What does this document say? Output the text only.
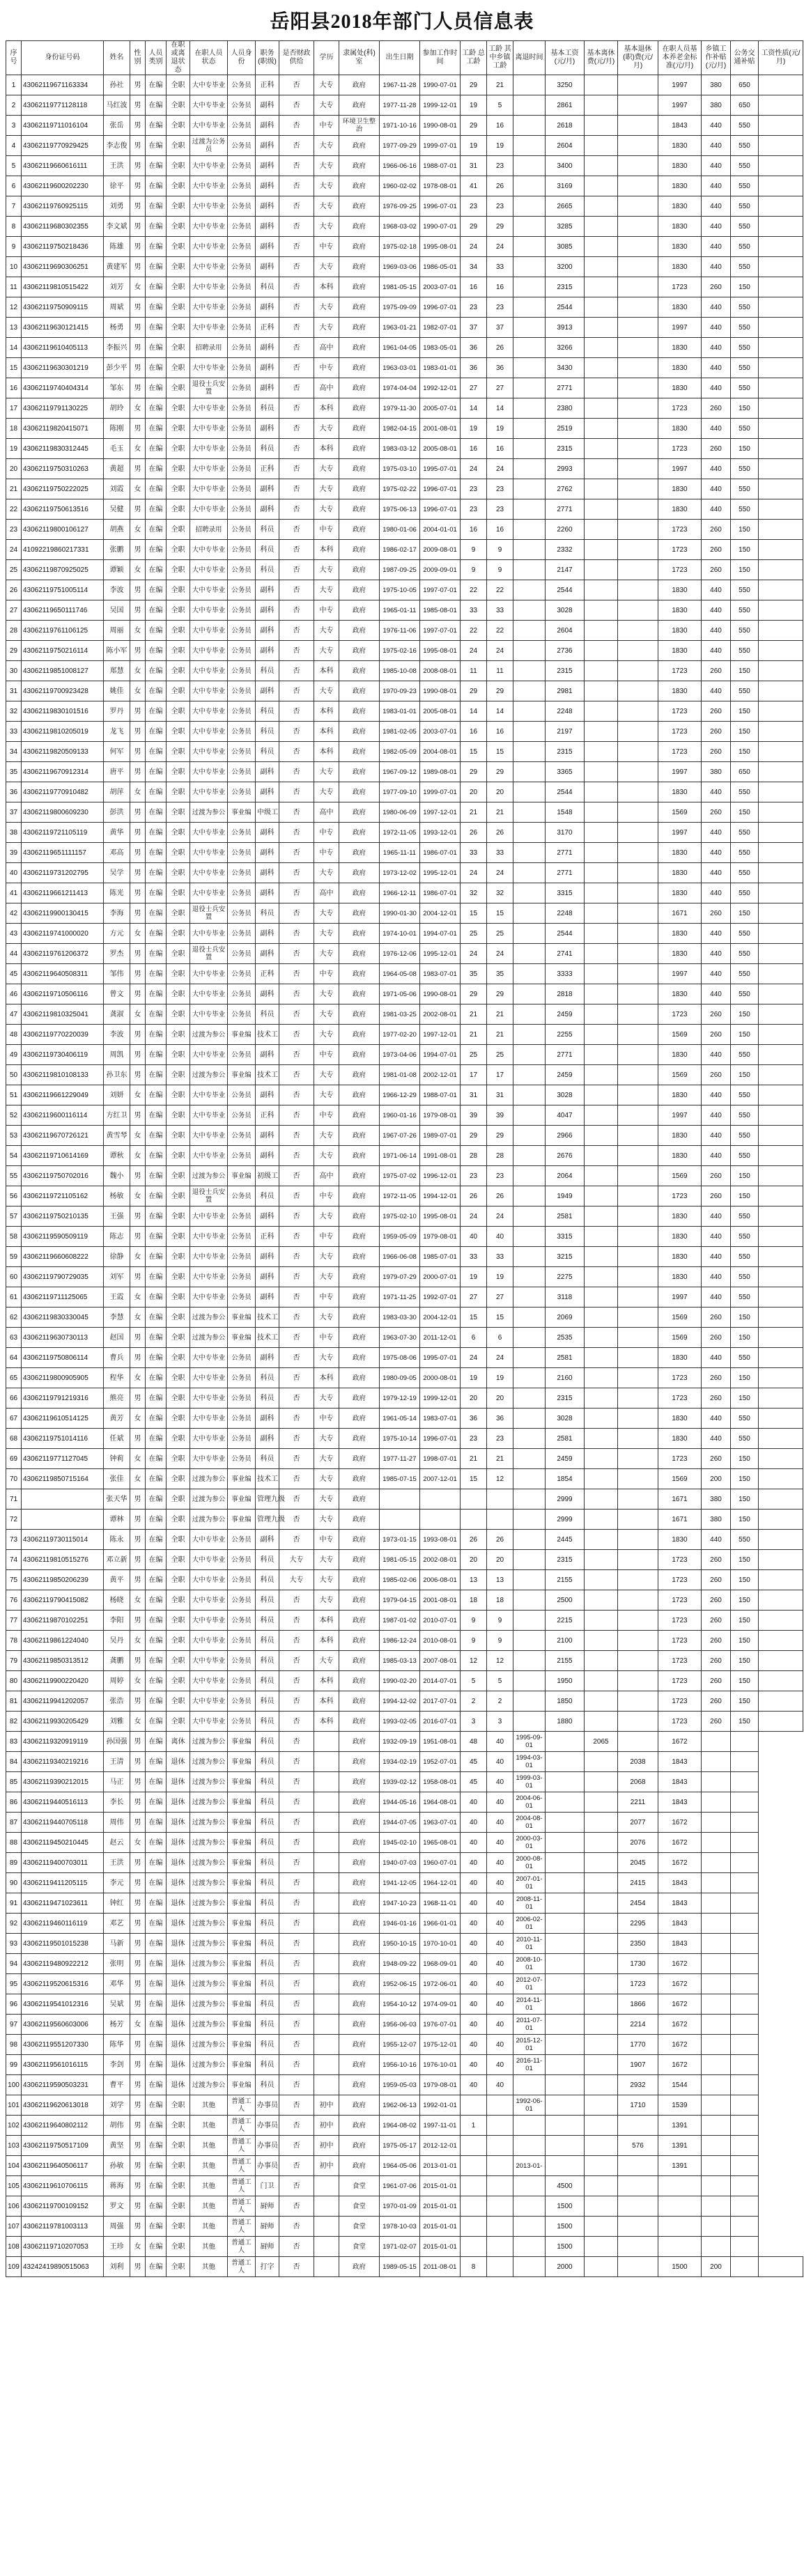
岳阳县2018年部门人员信息表
序号	身份证号码	姓名	性别	人员类别	在职或离退状态	在职人员状态	人员身份	职务(职级)	是否财政供给	学历	隶属处(科)室	出生日期	参加工作时间	工龄 总工龄	工龄 其中乡镇工龄	离退时间	基本工资(元/月)	基本离休费(元/月)	基本退休(职)费(元/月)	在职人员基本养老金标准(元/月)	乡镇工作补贴(元/月)	公务交通补贴	工资性质(元/月)
1	43062119671163334	孙社	男	在编	全职	大中专毕业	公务员	正科	否	大专	政府	1967-11-28	1990-07-01	29	21		3250			1997	380	650	
2	43062119771128118	马红波	男	在编	全职	大中专毕业	公务员	副科	否	大专	政府	1977-11-28	1999-12-01	19	5		2861			1997	380	650	
3	43062119711016104	张岳	男	在编	全职	大中专毕业	公务员	副科	否	中专	环境卫生整治	1971-10-16	1990-08-01	29	16		2618			1843	440	550	
4	43062119770929425	李志俊	男	在编	全职	过渡为公务员	公务员	副科	否	大专	政府	1977-09-29	1999-07-01	19	19		2604			1830	440	550	
5	43062119660616111	王洪	男	在编	全职	大中专毕业	公务员	副科	否	大专	政府	1966-06-16	1988-07-01	31	23		3400			1830	440	550	
6	43062119600202230	徐平	男	在编	全职	大中专毕业	公务员	副科	否	大专	政府	1960-02-02	1978-08-01	41	26		3169			1830	440	550	
7	43062119760925115	刘勇	男	在编	全职	大中专毕业	公务员	副科	否	大专	政府	1976-09-25	1996-07-01	23	23		2665			1830	440	550	
8	43062119680302355	李文斌	男	在编	全职	大中专毕业	公务员	副科	否	大专	政府	1968-03-02	1990-07-01	29	29		3285			1830	440	550	
9	43062119750218436	陈雄	男	在编	全职	大中专毕业	公务员	副科	否	中专	政府	1975-02-18	1995-08-01	24	24		3085			1830	440	550	
10	43062119690306251	黄建军	男	在编	全职	大中专毕业	公务员	副科	否	大专	政府	1969-03-06	1986-05-01	34	33		3200			1830	440	550	
11	43062119810515422	刘芳	女	在编	全职	大中专毕业	公务员	科员	否	本科	政府	1981-05-15	2003-07-01	16	16		2315			1723	260	150	
12	43062119750909115	周斌	男	在编	全职	大中专毕业	公务员	副科	否	大专	政府	1975-09-09	1996-07-01	23	23		2544			1830	440	550	
13	43062119630121415	杨勇	男	在编	全职	大中专毕业	公务员	正科	否	大专	政府	1963-01-21	1982-07-01	37	37		3913			1997	440	550	
14	43062119610405113	李振兴	男	在编	全职	招聘录用	公务员	副科	否	高中	政府	1961-04-05	1983-05-01	36	26		3266			1830	440	550	
15	43062119630301219	彭少平	男	在编	全职	大中专毕业	公务员	副科	否	中专	政府	1963-03-01	1983-01-01	36	36		3430			1830	440	550	
16	43062119740404314	邹东	男	在编	全职	退役士兵安置	公务员	副科	否	高中	政府	1974-04-04	1992-12-01	27	27		2771			1830	440	550	
17	43062119791130225	胡玲	女	在编	全职	大中专毕业	公务员	科员	否	本科	政府	1979-11-30	2005-07-01	14	14		2380			1723	260	150	
18	43062119820415071	陈刚	男	在编	全职	大中专毕业	公务员	副科	否	大专	政府	1982-04-15	2001-08-01	19	19		2519			1830	440	550	
19	43062119830312445	毛玉	女	在编	全职	大中专毕业	公务员	科员	否	本科	政府	1983-03-12	2005-08-01	16	16		2315			1723	260	150	
20	43062119750310263	黄超	男	在编	全职	大中专毕业	公务员	正科	否	大专	政府	1975-03-10	1995-07-01	24	24		2993			1997	440	550	
21	43062119750222025	刘霞	女	在编	全职	大中专毕业	公务员	副科	否	大专	政府	1975-02-22	1996-07-01	23	23		2762			1830	440	550	
22	43062119750613516	吴健	男	在编	全职	大中专毕业	公务员	副科	否	大专	政府	1975-06-13	1996-07-01	23	23		2771			1830	440	550	
23	43062119800106127	胡燕	女	在编	全职	招聘录用	公务员	科员	否	中专	政府	1980-01-06	2004-01-01	16	16		2260			1723	260	150	
24	41092219860217331	张鹏	男	在编	全职	大中专毕业	公务员	科员	否	本科	政府	1986-02-17	2009-08-01	9	9		2332			1723	260	150	
25	43062119870925025	谭颖	女	在编	全职	大中专毕业	公务员	科员	否	大专	政府	1987-09-25	2009-09-01	9	9		2147			1723	260	150	
26	43062119751005114	李波	男	在编	全职	大中专毕业	公务员	副科	否	大专	政府	1975-10-05	1997-07-01	22	22		2544			1830	440	550	
27	43062119650111746	吴国	男	在编	全职	大中专毕业	公务员	副科	否	中专	政府	1965-01-11	1985-08-01	33	33		3028			1830	440	550	
28	43062119761106125	周丽	女	在编	全职	大中专毕业	公务员	副科	否	大专	政府	1976-11-06	1997-07-01	22	22		2604			1830	440	550	
29	43062119750216114	陈小军	男	在编	全职	大中专毕业	公务员	副科	否	大专	政府	1975-02-16	1995-08-01	24	24		2736			1830	440	550	
30	43062119851008127	郑慧	女	在编	全职	大中专毕业	公务员	科员	否	本科	政府	1985-10-08	2008-08-01	11	11		2315			1723	260	150	
31	43062119700923428	姚佳	女	在编	全职	大中专毕业	公务员	副科	否	大专	政府	1970-09-23	1990-08-01	29	29		2981			1830	440	550	
32	43062119830101516	罗丹	男	在编	全职	大中专毕业	公务员	科员	否	本科	政府	1983-01-01	2005-08-01	14	14		2248			1723	260	150	
33	43062119810205019	龙飞	男	在编	全职	大中专毕业	公务员	科员	否	本科	政府	1981-02-05	2003-07-01	16	16		2197			1723	260	150	
34	43062119820509133	何军	男	在编	全职	大中专毕业	公务员	科员	否	本科	政府	1982-05-09	2004-08-01	15	15		2315			1723	260	150	
35	43062119670912314	唐平	男	在编	全职	大中专毕业	公务员	副科	否	大专	政府	1967-09-12	1989-08-01	29	29		3365			1997	380	650	
36	43062119770910482	胡萍	女	在编	全职	大中专毕业	公务员	副科	否	大专	政府	1977-09-10	1999-07-01	20	20		2544			1830	440	550	
37	43062119800609230	彭洪	男	在编	全职	过渡为参公	事业编	中级工	否	高中	政府	1980-06-09	1997-12-01	21	21		1548			1569	260	150	
38	43062119721105119	黄华	男	在编	全职	大中专毕业	公务员	副科	否	中专	政府	1972-11-05	1993-12-01	26	26		3170			1997	440	550	
39	43062119651111157	邓高	男	在编	全职	大中专毕业	公务员	副科	否	中专	政府	1965-11-11	1986-07-01	33	33		2771			1830	440	550	
40	43062119731202795	吴学	男	在编	全职	大中专毕业	公务员	副科	否	大专	政府	1973-12-02	1995-12-01	24	24		2771			1830	440	550	
41	43062119661211413	陈光	男	在编	全职	大中专毕业	公务员	副科	否	高中	政府	1966-12-11	1986-07-01	32	32		3315			1830	440	550	
42	43062119900130415	李海	男	在编	全职	退役士兵安置	公务员	科员	否	大专	政府	1990-01-30	2004-12-01	15	15		2248			1671	260	150	
43	43062119741000020	方元	女	在编	全职	大中专毕业	公务员	副科	否	大专	政府	1974-10-01	1994-07-01	25	25		2544			1830	440	550	
44	43062119761206372	罗杰	男	在编	全职	退役士兵安置	公务员	副科	否	大专	政府	1976-12-06	1995-12-01	24	24		2741			1830	440	550	
45	43062119640508311	邹伟	男	在编	全职	大中专毕业	公务员	正科	否	中专	政府	1964-05-08	1983-07-01	35	35		3333			1997	440	550	
46	43062119710506116	曾文	男	在编	全职	大中专毕业	公务员	副科	否	大专	政府	1971-05-06	1990-08-01	29	29		2818			1830	440	550	
47	43062119810325041	龚淑	女	在编	全职	大中专毕业	公务员	科员	否	大专	政府	1981-03-25	2002-08-01	21	21		2459			1723	260	150	
48	43062119770220039	李波	男	在编	全职	过渡为参公	事业编	技术工	否	大专	政府	1977-02-20	1997-12-01	21	21		2255			1569	260	150	
49	43062119730406119	周凯	男	在编	全职	大中专毕业	公务员	副科	否	中专	政府	1973-04-06	1994-07-01	25	25		2771			1830	440	550	
50	43062119810108133	孙卫东	男	在编	全职	过渡为参公	事业编	技术工	否	大专	政府	1981-01-08	2002-12-01	17	17		2459			1569	260	150	
51	43062119661229049	刘妍	女	在编	全职	大中专毕业	公务员	副科	否	大专	政府	1966-12-29	1988-07-01	31	31		3028			1830	440	550	
52	43062119600116114	方红卫	男	在编	全职	大中专毕业	公务员	正科	否	中专	政府	1960-01-16	1979-08-01	39	39		4047			1997	440	550	
53	43062119670726121	黄雪琴	女	在编	全职	大中专毕业	公务员	副科	否	大专	政府	1967-07-26	1989-07-01	29	29		2966			1830	440	550	
54	43062119710614169	谭秋	女	在编	全职	大中专毕业	公务员	副科	否	大专	政府	1971-06-14	1991-08-01	28	28		2676			1830	440	550	
55	43062119750702016	魏小	男	在编	全职	过渡为参公	事业编	初级工	否	高中	政府	1975-07-02	1996-12-01	23	23		2064			1569	260	150	
56	43062119721105162	杨敏	女	在编	全职	退役士兵安置	公务员	科员	否	中专	政府	1972-11-05	1994-12-01	26	26		1949			1723	260	150	
57	43062119750210135	王强	男	在编	全职	大中专毕业	公务员	副科	否	大专	政府	1975-02-10	1995-08-01	24	24		2581			1830	440	550	
58	43062119590509119	陈志	男	在编	全职	大中专毕业	公务员	正科	否	中专	政府	1959-05-09	1979-08-01	40	40		3315			1830	440	550	
59	43062119660608222	徐静	女	在编	全职	大中专毕业	公务员	副科	否	大专	政府	1966-06-08	1985-07-01	33	33		3215			1830	440	550	
60	43062119790729035	刘军	男	在编	全职	大中专毕业	公务员	副科	否	大专	政府	1979-07-29	2000-07-01	19	19		2275			1830	440	550	
61	43062119711125065	王霞	女	在编	全职	大中专毕业	公务员	副科	否	中专	政府	1971-11-25	1992-07-01	27	27		3118			1997	440	550	
62	43062119830330045	李慧	女	在编	全职	过渡为参公	事业编	技术工	否	大专	政府	1983-03-30	2004-12-01	15	15		2069			1569	260	150	
63	43062119630730113	赵国	男	在编	全职	过渡为参公	事业编	技术工	否	中专	政府	1963-07-30	2011-12-01	6	6		2535			1569	260	150	
64	43062119750806114	曹兵	男	在编	全职	大中专毕业	公务员	副科	否	大专	政府	1975-08-06	1995-07-01	24	24		2581			1830	440	550	
65	43062119800905905	程华	女	在编	全职	大中专毕业	公务员	科员	否	本科	政府	1980-09-05	2000-08-01	19	19		2160			1723	260	150	
66	43062119791219316	熊亮	男	在编	全职	大中专毕业	公务员	科员	否	大专	政府	1979-12-19	1999-12-01	20	20		2315			1723	260	150	
67	43062119610514125	黄芳	女	在编	全职	大中专毕业	公务员	副科	否	中专	政府	1961-05-14	1983-07-01	36	36		3028			1830	440	550	
68	43062119751014116	任斌	男	在编	全职	大中专毕业	公务员	副科	否	大专	政府	1975-10-14	1996-07-01	23	23		2581			1830	440	550	
69	43062119771127045	钟莉	女	在编	全职	大中专毕业	公务员	科员	否	大专	政府	1977-11-27	1998-07-01	21	21		2459			1723	260	150	
70	43062119850715164	张佳	女	在编	全职	过渡为参公	事业编	技术工	否	大专	政府	1985-07-15	2007-12-01	15	12		1854			1569	200	150	
71		张天华	男	在编	全职	过渡为参公	事业编	管理九级	否	大专	政府						2999			1671	380	150	
72		谭林	男	在编	全职	过渡为参公	事业编	管理九级	否	大专	政府						2999			1671	380	150	
73	43062119730115014	陈永	男	在编	全职	大中专毕业	公务员	副科	否	中专	政府	1973-01-15	1993-08-01	26	26		2445			1830	440	550	
74	43062119810515276	邓立新	男	在编	全职	大中专毕业	公务员	科员	大专	大专	政府	1981-05-15	2002-08-01	20	20		2315			1723	260	150	
75	43062119850206239	黄平	男	在编	全职	大中专毕业	公务员	科员	大专	大专	政府	1985-02-06	2006-08-01	13	13		2155			1723	260	150	
76	43062119790415082	杨晓	女	在编	全职	大中专毕业	公务员	科员	否	大专	政府	1979-04-15	2001-08-01	18	18		2500			1723	260	150	
77	43062119870102251	李阳	男	在编	全职	大中专毕业	公务员	科员	否	本科	政府	1987-01-02	2010-07-01	9	9		2215			1723	260	150	
78	43062119861224040	吴丹	女	在编	全职	大中专毕业	公务员	科员	否	本科	政府	1986-12-24	2010-08-01	9	9		2100			1723	260	150	
79	43062119850313512	龚鹏	男	在编	全职	大中专毕业	公务员	科员	否	大专	政府	1985-03-13	2007-08-01	12	12		2155			1723	260	150	
80	43062119900220420	周婷	女	在编	全职	大中专毕业	公务员	科员	否	本科	政府	1990-02-20	2014-07-01	5	5		1950			1723	260	150	
81	43062119941202057	张浩	男	在编	全职	大中专毕业	公务员	科员	否	本科	政府	1994-12-02	2017-07-01	2	2		1850			1723	260	150	
82	43062119930205429	刘雅	女	在编	全职	大中专毕业	公务员	科员	否	本科	政府	1993-02-05	2016-07-01	3	3		1880			1723	260	150	
83	43062119320919119	孙国强	男	在编	离休	过渡为参公	事业编	科员	否		政府	1932-09-19	1951-08-01	48	40	1995-09-01		2065		1672			
84	43062119340219216	王清	男	在编	退休	过渡为参公	事业编	科员	否		政府	1934-02-19	1952-07-01	45	40	1994-03-01			2038	1843			
85	43062119390212015	马正	男	在编	退休	过渡为参公	事业编	科员	否		政府	1939-02-12	1958-08-01	45	40	1999-03-01			2068	1843			
86	43062119440516113	李长	男	在编	退休	过渡为参公	事业编	科员	否		政府	1944-05-16	1964-08-01	40	40	2004-06-01			2211	1843			
87	43062119440705118	周伟	男	在编	退休	过渡为参公	事业编	科员	否		政府	1944-07-05	1963-07-01	40	40	2004-08-01			2077	1672			
88	43062119450210445	赵云	女	在编	退休	过渡为参公	事业编	科员	否		政府	1945-02-10	1965-08-01	40	40	2000-03-01			2076	1672			
89	43062119400703011	王洪	男	在编	退休	过渡为参公	事业编	科员	否		政府	1940-07-03	1960-07-01	40	40	2000-08-01			2045	1672			
90	43062119411205115	李元	男	在编	退休	过渡为参公	事业编	科员	否		政府	1941-12-05	1964-12-01	40	40	2007-01-01			2415	1843			
91	43062119471023611	钟红	男	在编	退休	过渡为参公	事业编	科员	否		政府	1947-10-23	1968-11-01	40	40	2008-11-01			2454	1843			
92	43062119460116119	邓艺	男	在编	退休	过渡为参公	事业编	科员	否		政府	1946-01-16	1966-01-01	40	40	2006-02-01			2295	1843			
93	43062119501015238	马新	男	在编	退休	过渡为参公	事业编	科员	否		政府	1950-10-15	1970-10-01	40	40	2010-11-01			2350	1843			
94	43062119480922212	张明	男	在编	退休	过渡为参公	事业编	科员	否		政府	1948-09-22	1968-09-01	40	40	2008-10-01			1730	1672			
95	43062119520615316	邓华	男	在编	退休	过渡为参公	事业编	科员	否		政府	1952-06-15	1972-06-01	40	40	2012-07-01			1723	1672			
96	43062119541012316	吴斌	男	在编	退休	过渡为参公	事业编	科员	否		政府	1954-10-12	1974-09-01	40	40	2014-11-01			1866	1672			
97	43062119560603006	杨芳	女	在编	退休	过渡为参公	事业编	科员	否		政府	1956-06-03	1976-07-01	40	40	2011-07-01			2214	1672			
98	43062119551207330	陈华	男	在编	退休	过渡为参公	事业编	科员	否		政府	1955-12-07	1975-12-01	40	40	2015-12-01			1770	1672			
99	43062119561016115	李剑	男	在编	退休	过渡为参公	事业编	科员	否		政府	1956-10-16	1976-10-01	40	40	2016-11-01			1907	1672			
100	43062119590503231	曹平	男	在编	退休	过渡为参公	事业编	科员	否		政府	1959-05-03	1979-08-01	40	40				2932	1544			
101	43062119620613018	刘学	男	在编	全职	其他	普通工人	办事员	否	初中	政府	1962-06-13	1992-01-01			1992-06-01			1710	1539			
102	43062119640802112	胡伟	男	在编	全职	其他	普通工人	办事员	否	初中	政府	1964-08-02	1997-11-01	1						1391			
103	43062119750517109	黄坚	男	在编	全职	其他	普通工人	办事员	否	初中	政府	1975-05-17	2012-12-01						576	1391			
104	43062119640506117	孙敏	男	在编	全职	其他	普通工人	办事员	否	初中	政府	1964-05-06	2013-01-01			2013-01-				1391			
105	43062119610706115	蒋海	男	在编	全职	其他	普通工人	门卫	否		食堂	1961-07-06	2015-01-01				4500						
106	43062119700109152	罗文	男	在编	全职	其他	普通工人	厨师	否		食堂	1970-01-09	2015-01-01				1500						
107	43062119781003113	周强	男	在编	全职	其他	普通工人	厨师	否		食堂	1978-10-03	2015-01-01				1500						
108	43062119710207053	王珍	女	在编	全职	其他	普通工人	厨师	否		食堂	1971-02-07	2015-01-01				1500						
109	43242419890515063	刘利	男	在编	全职	其他	普通工人	打字	否		政府	1989-05-15	2011-08-01	8			2000			1500	200		
